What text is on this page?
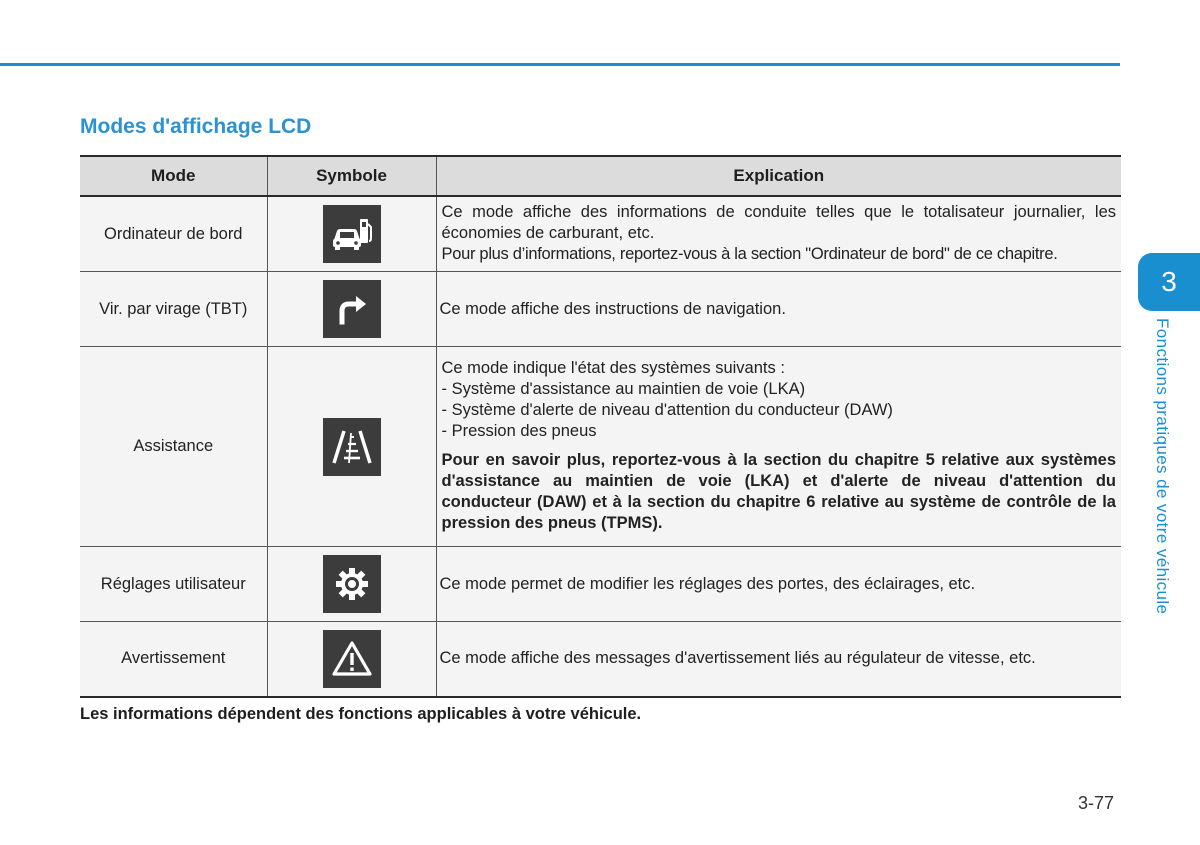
Modes d'affichage LCD
Mode	Symbole	Explication
Ordinateur de bord		Ce mode affiche des informations de conduite telles que le totalisateur journalier, les économies de carburant, etc.
Pour plus d’informations, reportez-vous à la section "Ordinateur de bord" de ce chapitre.

Vir. par virage (TBT)		Ce mode affiche des instructions de navigation.

Assistance		Ce mode indique l'état des systèmes suivants :
- Système d'assistance au maintien de voie (LKA)
- Système d'alerte de niveau d'attention du conducteur (DAW)
- Pression des pneus
Pour en savoir plus, reportez-vous à la section du chapitre 5 relative aux systèmes d'assistance au maintien de voie (LKA) et d'alerte de niveau d'attention du conducteur (DAW) et à la section du chapitre 6 relative au système de contrôle de la pression des pneus (TPMS).

Réglages utilisateur		Ce mode permet de modifier les réglages des portes, des éclairages, etc.

Avertissement		Ce mode affiche des messages d'avertissement liés au régulateur de vitesse, etc.
Les informations dépendent des fonctions applicables à votre véhicule.
3
Fonctions pratiques de votre véhicule
3-77
